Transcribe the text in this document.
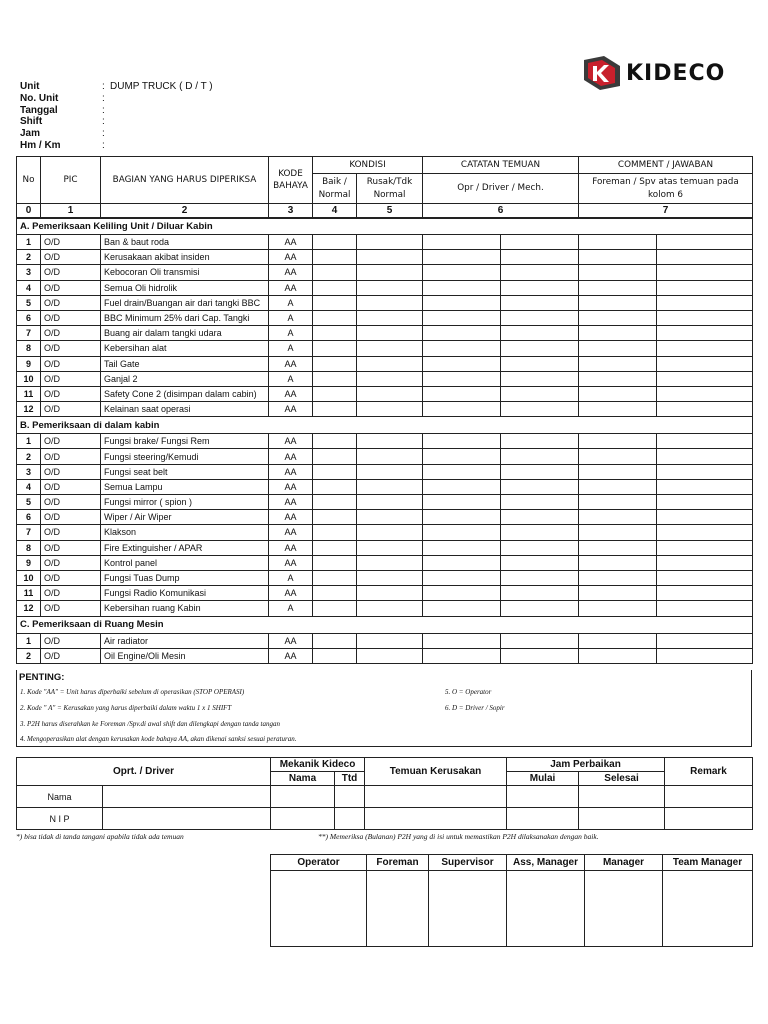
KIDECO
Unit	: DUMP TRUCK ( D / T )
No. Unit	:
Tanggal	:
Shift	:
Jam	:
Hm / Km	:
No	PIC	BAGIAN YANG HARUS DIPERIKSA	KODE BAHAYA	KONDISI		CATATAN TEMUAN		COMMENT / JAWABAN	
				Baik / Normal	Rusak/Tdk Normal	Opr / Driver / Mech.		Foreman / Spv atas temuan pada kolom 6	
0	1	2	3	4	5	6		7	
A. Pemeriksaan Keliling Unit / Diluar Kabin									
1	O/D	Ban & baut roda	AA						
2	O/D	Kerusakaan akibat insiden	AA						
3	O/D	Kebocoran Oli transmisi	AA						
4	O/D	Semua Oli hidrolik	AA						
5	O/D	Fuel drain/Buangan air dari tangki BBC	A						
6	O/D	BBC Minimum 25% dari Cap. Tangki	A						
7	O/D	Buang air dalam tangki udara	A						
8	O/D	Kebersihan alat	A						
9	O/D	Tail Gate	AA						
10	O/D	Ganjal 2	A						
11	O/D	Safety Cone 2 (disimpan dalam cabin)	AA						
12	O/D	Kelainan saat operasi	AA						
B. Pemeriksaan di dalam kabin									
1	O/D	Fungsi brake/ Fungsi Rem	AA						
2	O/D	Fungsi steering/Kemudi	AA						
3	O/D	Fungsi seat belt	AA						
4	O/D	Semua Lampu	AA						
5	O/D	Fungsi mirror ( spion )	AA						
6	O/D	Wiper / Air Wiper	AA						
7	O/D	Klakson	AA						
8	O/D	Fire Extinguisher / APAR	AA						
9	O/D	Kontrol panel	AA						
10	O/D	Fungsi Tuas Dump	A						
11	O/D	Fungsi Radio Komunikasi	AA						
12	O/D	Kebersihan ruang Kabin	A						
C. Pemeriksaan di Ruang Mesin									
1	O/D	Air radiator	AA						
2	O/D	Oil Engine/Oli Mesin	AA						
PENTING:
1. Kode "AA" = Unit harus diperbaiki sebelum di operasikan (STOP OPERASI)
2. Kode " A" = Kerusakan yang harus diperbaiki dalam waktu 1 x 1 SHIFT
3. P2H harus diserahkan ke Foreman /Spv.di awal shift dan dilengkapi dengan tanda tangan
4. Mengoperasikan alat dengan kerusakan kode bahaya AA, akan dikenai sanksi sesuai peraturan.
5. O = Operator
6. D = Driver / Sopir
Oprt. / Driver		Mekanik Kideco		Temuan Kerusakan	Jam Perbaikan		Remark
		Nama	Ttd		Mulai	Selesai	
Nama							
N I P							
*) bisa tidak di tanda tangani apabila tidak ada temuan	**) Memeriksa (Bulanan) P2H yang di isi untuk memastikan P2H dilaksanakan dengan baik.
Operator	Foreman	Supervisor	Ass, Manager	Manager	Team Manager
